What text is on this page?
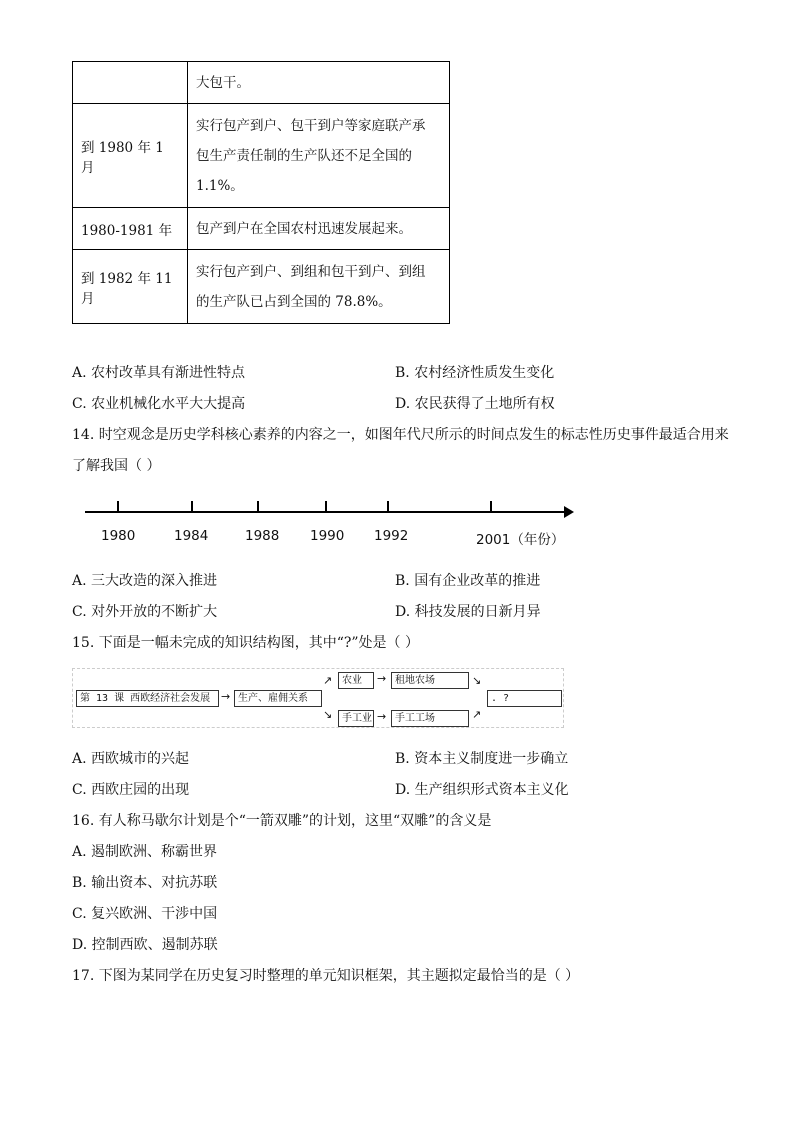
	大包干。

到 1980 年 1 月	实行包产到户、包干到户等家庭联产承
包生产责任制的生产队还不足全国的
1.1%。

1980-1981 年	包产到户在全国农村迅速发展起来。

到 1982 年 11 月	实行包产到户、到组和包干到户、到组
的生产队已占到全国的 78.8%。
A. 农村改革具有渐进性特点	B. 农村经济性质发生变化
C. 农业机械化水平大大提高	D. 农民获得了土地所有权
14. 时空观念是历史学科核心素养的内容之一，如图年代尺所示的时间点发生的标志性历史事件最适合用来
了解我国（ ）
1980	1984	1988 1990 1992	2001（年份）
A. 三大改造的深入推进	B. 国有企业改革的推进
C. 对外开放的不断扩大	D. 科技发展的日新月异
15. 下面是一幅未完成的知识结构图，其中“?”处是（ ）
第 13 课 西欧经济社会发展 → 生产、雇佣关系
↗
↘
农业	→ 租地农场
手工业 → 手工工场
↘
↗
. ?
A. 西欧城市的兴起	B. 资本主义制度进一步确立
C. 西欧庄园的出现	D. 生产组织形式资本主义化
16. 有人称马歇尔计划是个“一箭双雕”的计划，这里“双雕”的含义是
A. 遏制欧洲、称霸世界
B. 输出资本、对抗苏联
C. 复兴欧洲、干涉中国
D. 控制西欧、遏制苏联
17. 下图为某同学在历史复习时整理的单元知识框架，其主题拟定最恰当的是（ ）
